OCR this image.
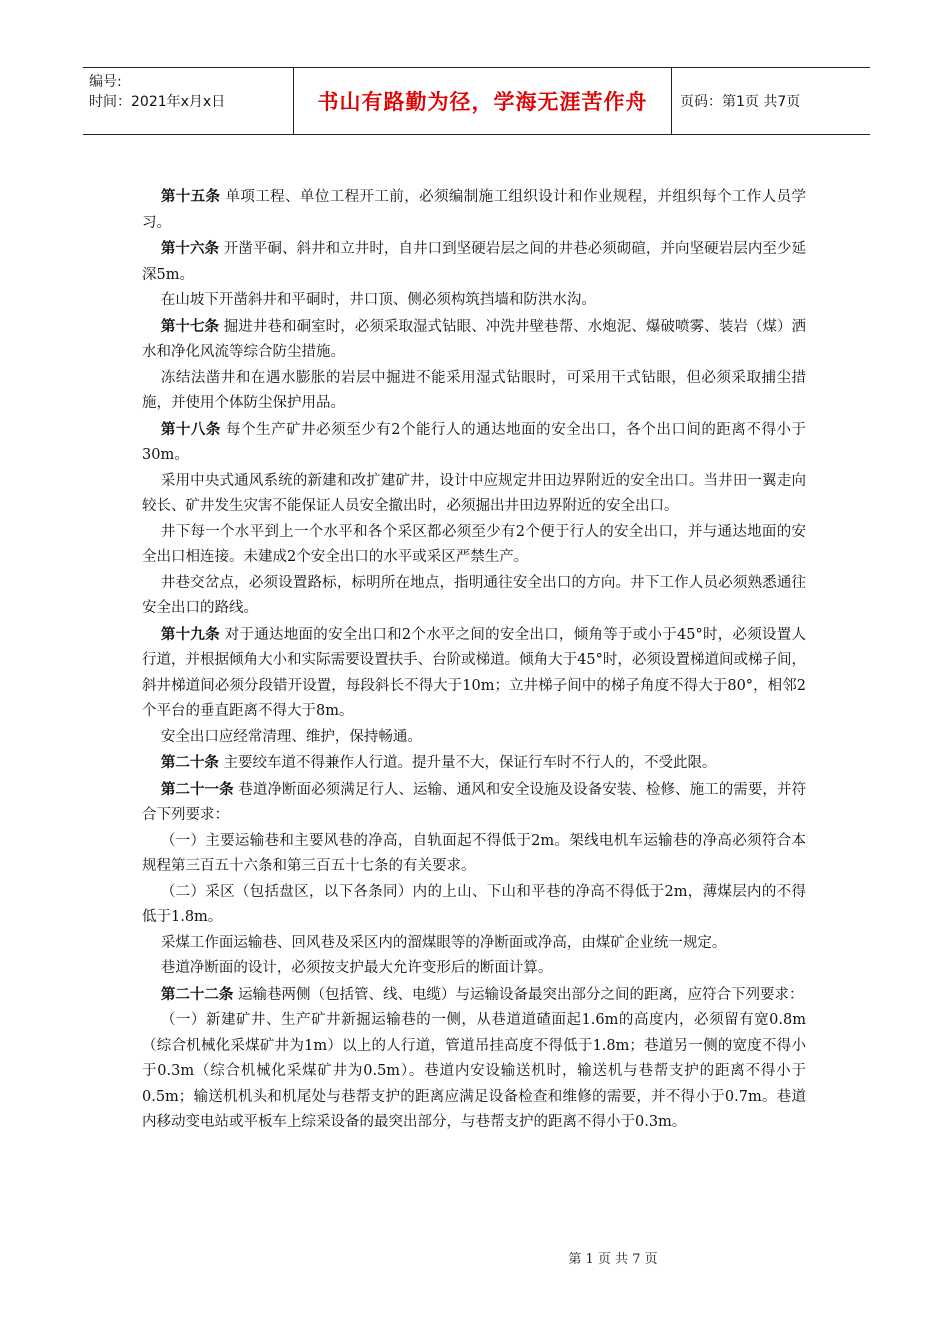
编号:
时间：2021年x月x日	书山有路勤为径，学海无涯苦作舟	页码：第1页 共7页

第十五条 单项工程、单位工程开工前，必须编制施工组织设计和作业规程，并组织每个工作人员学习。

第十六条 开凿平硐、斜井和立井时，自井口到坚硬岩层之间的井巷必须砌碹，并向坚硬岩层内至少延深5m。

在山坡下开凿斜井和平硐时，井口顶、侧必须构筑挡墙和防洪水沟。

第十七条 掘进井巷和硐室时，必须采取湿式钻眼、冲洗井壁巷帮、水炮泥、爆破喷雾、装岩（煤）洒水和净化风流等综合防尘措施。

冻结法凿井和在遇水膨胀的岩层中掘进不能采用湿式钻眼时，可采用干式钻眼，但必须采取捕尘措施，并使用个体防尘保护用品。

第十八条 每个生产矿井必须至少有2个能行人的通达地面的安全出口，各个出口间的距离不得小于30m。

采用中央式通风系统的新建和改扩建矿井，设计中应规定井田边界附近的安全出口。当井田一翼走向较长、矿井发生灾害不能保证人员安全撤出时，必须掘出井田边界附近的安全出口。

井下每一个水平到上一个水平和各个采区都必须至少有2个便于行人的安全出口，并与通达地面的安全出口相连接。未建成2个安全出口的水平或采区严禁生产。

井巷交岔点，必须设置路标，标明所在地点，指明通往安全出口的方向。井下工作人员必须熟悉通往安全出口的路线。

第十九条 对于通达地面的安全出口和2个水平之间的安全出口，倾角等于或小于45°时，必须设置人行道，并根据倾角大小和实际需要设置扶手、台阶或梯道。倾角大于45°时，必须设置梯道间或梯子间，斜井梯道间必须分段错开设置，每段斜长不得大于10m；立井梯子间中的梯子角度不得大于80°，相邻2个平台的垂直距离不得大于8m。

安全出口应经常清理、维护，保持畅通。

第二十条 主要绞车道不得兼作人行道。提升量不大，保证行车时不行人的，不受此限。

第二十一条 巷道净断面必须满足行人、运输、通风和安全设施及设备安装、检修、施工的需要，并符合下列要求：

（一）主要运输巷和主要风巷的净高，自轨面起不得低于2m。架线电机车运输巷的净高必须符合本规程第三百五十六条和第三百五十七条的有关要求。

（二）采区（包括盘区，以下各条同）内的上山、下山和平巷的净高不得低于2m，薄煤层内的不得低于1.8m。

采煤工作面运输巷、回风巷及采区内的溜煤眼等的净断面或净高，由煤矿企业统一规定。

巷道净断面的设计，必须按支护最大允许变形后的断面计算。

第二十二条 运输巷两侧（包括管、线、电缆）与运输设备最突出部分之间的距离，应符合下列要求：

（一）新建矿井、生产矿井新掘运输巷的一侧，从巷道道碴面起1.6m的高度内，必须留有宽0.8m（综合机械化采煤矿井为1m）以上的人行道，管道吊挂高度不得低于1.8m；巷道另一侧的宽度不得小于0.3m（综合机械化采煤矿井为0.5m）。巷道内安设输送机时，输送机与巷帮支护的距离不得小于0.5m；输送机机头和机尾处与巷帮支护的距离应满足设备检查和维修的需要，并不得小于0.7m。巷道内移动变电站或平板车上综采设备的最突出部分，与巷帮支护的距离不得小于0.3m。

第 1 页 共 7 页
